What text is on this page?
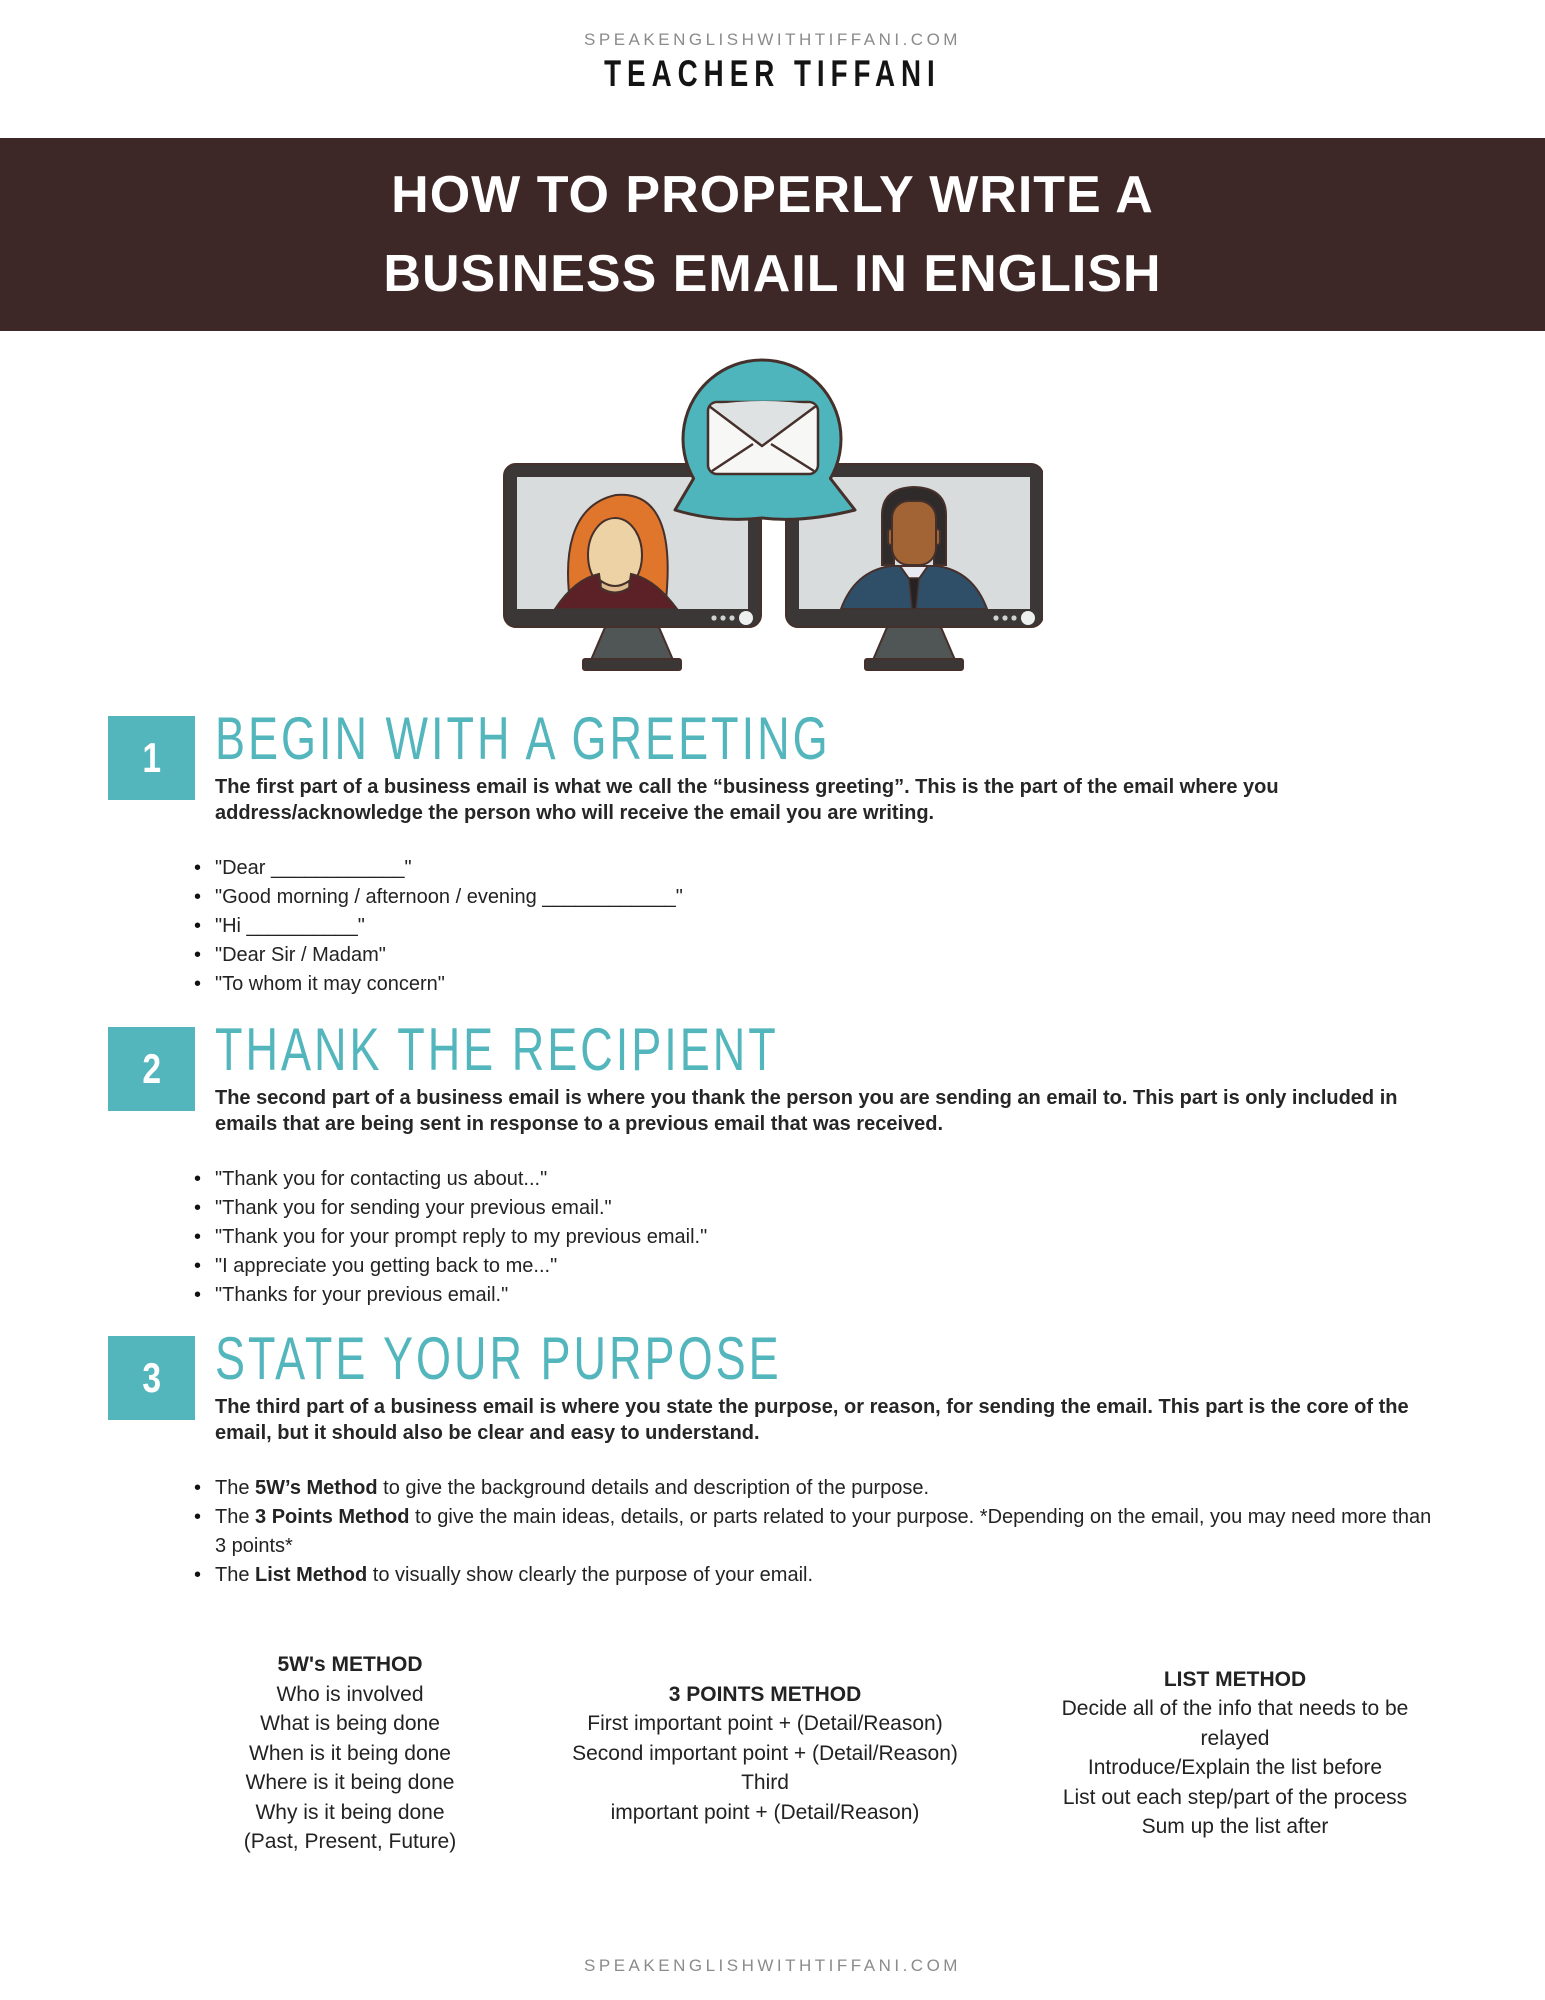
SPEAKENGLISHWITHTIFFANI.COM
TEACHER TIFFANI
HOW TO PROPERLY WRITE A
BUSINESS EMAIL IN ENGLISH
1 BEGIN WITH A GREETING

The first part of a business email is what we call the “business greeting”. This is the part of the email where you address/acknowledge the person who will receive the email you are writing.

• "Dear ____________"
• "Good morning / afternoon / evening ____________"
• "Hi __________"
• "Dear Sir / Madam"
• "To whom it may concern"
2 THANK THE RECIPIENT

The second part of a business email is where you thank the person you are sending an email to. This part is only included in emails that are being sent in response to a previous email that was received.

• "Thank you for contacting us about..."
• "Thank you for sending your previous email."
• "Thank you for your prompt reply to my previous email."
• "I appreciate you getting back to me..."
• "Thanks for your previous email."
3 STATE YOUR PURPOSE

The third part of a business email is where you state the purpose, or reason, for sending the email. This part is the core of the email, but it should also be clear and easy to understand.

• The 5W’s Method to give the background details and description of the purpose.
• The 3 Points Method to give the main ideas, details, or parts related to your purpose. *Depending on the email, you may need more than 3 points*
• The List Method to visually show clearly the purpose of your email.
5W's METHOD
Who is involved
What is being done
When is it being done
Where is it being done
Why is it being done
(Past, Present, Future)
3 POINTS METHOD
First important point + (Detail/Reason)
Second important point + (Detail/Reason) Third
important point + (Detail/Reason)
LIST METHOD
Decide all of the info that needs to be relayed
Introduce/Explain the list before
List out each step/part of the process
Sum up the list after
SPEAKENGLISHWITHTIFFANI.COM
